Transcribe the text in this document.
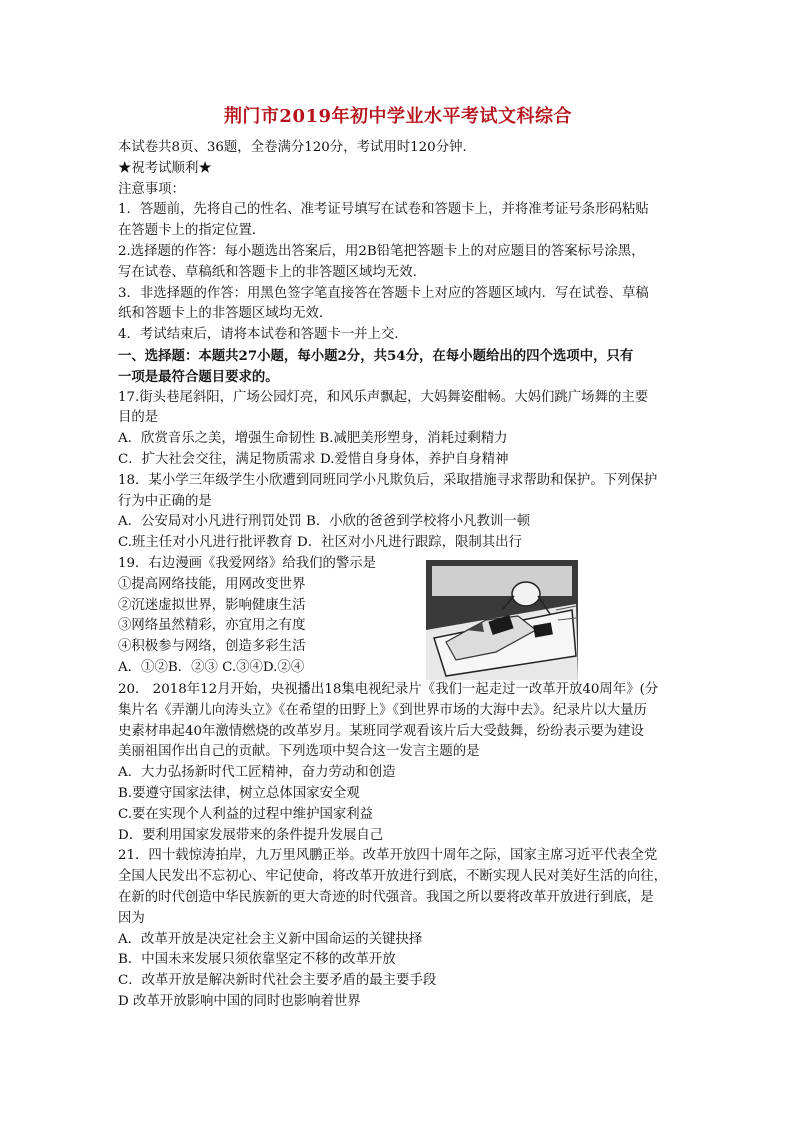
荆门市2019年初中学业水平考试文科综合

本试卷共8页、36题，全卷满分120分，考试用时120分钟．

★祝考试顺利★

注意事项：

1．答题前，先将自己的性名、准考证号填写在试卷和答题卡上，并将准考证号条形码粘贴

在答题卡上的指定位置．

2.选择题的作答：每小题选出答案后，用2B铅笔把答题卡上的对应题目的答案标号涂黑，

写在试卷、草稿纸和答题卡上的非答题区域均无效．

3．非选择题的作答：用黑色签字笔直接答在答题卡上对应的答题区域内．写在试卷、草稿

纸和答题卡上的非答题区域均无效．

4．考试结束后，请将本试卷和答题卡一并上交．

一、选择题：本题共27小题，每小题2分，共54分，在每小题给出的四个选项中，只有

一项是最符合题目要求的。

17.街头巷尾斜阳，广场公园灯亮，和风乐声飘起，大妈舞姿酣畅。大妈们跳广场舞的主要

目的是

A．欣赏音乐之美，增强生命韧性 B.减肥美形塑身，消耗过剩精力

C．扩大社会交往，满足物质需求 D.爱惜自身身体，养护自身精神

18．某小学三年级学生小欣遭到同班同学小凡欺负后，采取措施寻求帮助和保护。下列保护

行为中正确的是

A．公安局对小凡进行刑罚处罚 B．小欣的爸爸到学校将小凡教训一顿

C.班主任对小凡进行批评教育 D．社区对小凡进行跟踪，限制其出行

19．右边漫画《我爱网络》给我们的警示是

①提高网络技能，用网改变世界

②沉迷虚拟世界，影响健康生活

③网络虽然精彩，亦宜用之有度

④积极参与网络，创造多彩生活

A．①②B．②③ C.③④D.②④

20． 2018年12月开始，央视播出18集电视纪录片《我们一起走过一改革开放40周年》(分

集片名《弄潮儿向涛头立》《在希望的田野上》《到世界市场的大海中去》。纪录片以大量历

史素材串起40年激情燃烧的改革岁月。某班同学观看该片后大受鼓舞，纷纷表示要为建设

美丽祖国作出自己的贡献。下列选项中契合这一发言主题的是

A．大力弘扬新时代工匠精神，奋力劳动和创造

B.要遵守国家法律，树立总体国家安全观

C.要在实现个人利益的过程中维护国家利益

D．要利用国家发展带来的条件提升发展自己

21．四十载惊涛拍岸，九万里风鹏正举。改革开放四十周年之际，国家主席习近平代表全党

全国人民发出不忘初心、牢记使命，将改革开放进行到底，不断实现人民对美好生活的向往，

在新的时代创造中华民族新的更大奇迹的时代强音。我国之所以要将改革开放进行到底，是

因为

A．改革开放是决定社会主义新中国命运的关键抉择

B．中国未来发展只须依靠坚定不移的改革开放

C．改革开放是解决新时代社会主要矛盾的最主要手段

D 改革开放影响中国的同时也影响着世界
